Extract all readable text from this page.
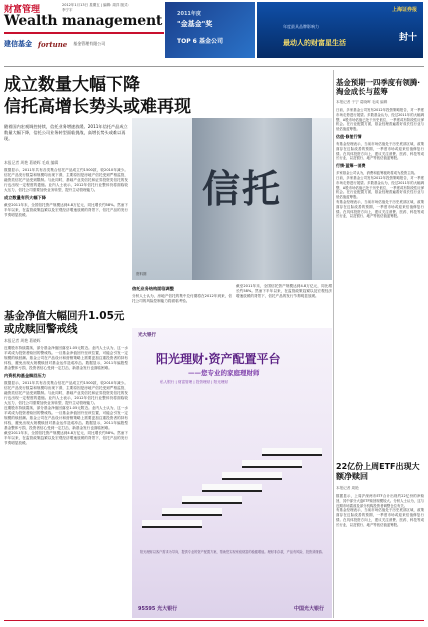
财富管理	2012年1月13日 星期五 | 编辑: 周洋 版式: 李宁宇
Wealth management
建信基金 fortune 基金管理有限公司
2011年度
"金基金"奖
TOP 6 基金公司
上海证券报
年度最具品牌影响力
最动人的财富星生活	封十
成立数量大幅下降
信托高增长势头或难再现
随着国内宏观调控持续，信托业务增速放缓。2011年信托产品成立数量大幅下降，信托公司业务转型面临挑战，高增长势头或难以再现。
本报记者 周艳 葛晓晖 毛咸 编辑
信托
资料图
数据显示，2011年共有各类集合信托产品成立约1500款，较2010年减少。信托产品发行数量和规模均出现下滑，主要原因是房地产信托受到严格监管，融资类信托产品受到限制。与此同时，基础产业类信托和证券投资类信托的发行也出现一定程度的萎缩。业内人士表示，2012年信托行业整体仍将面临较大压力，信托公司需要加快业务转型，提升主动管理能力。
成立数量有所大幅下降
截至2011年末，全国信托资产规模达到4.8万亿元，同比增长约58%。然而下半年以来，在监管政策趋紧以及宏观经济增速放缓的背景下，信托产品的发行节奏明显放缓。
信托业务结构面临调整
分析人士认为，房地产信托的集中兑付期将在2012年到来，信托公司的风险控制能力将面临考验。
截至2011年末，全国信托资产规模达到4.8万亿元，同比增长约58%。然而下半年以来，在监管政策趋紧以及宏观经济增速放缓的背景下，信托产品的发行节奏明显放缓。
基金净值大幅回升1.05元或成赎回警戒线
本报记者 周艳 葛晓晖
近期股市持续震荡，部分基金净值回落至1.05元附近。业内人士认为，这一水平或成为投资者赎回的警戒线。一旦基金净值回升至该位置，可能会引发一定规模的赎回潮。基金公司在产品设计和营销策略上需要更加注重投资者的持有体验，避免出现大规模赎回对基金运作造成冲击。数据显示，2011年偏股型基金整体亏损，投资者信心受到一定打击，新基金发行也面临困难。
内资机构基金赎回压力
数据显示，2011年共有各类集合信托产品成立约1500款，较2010年减少。信托产品发行数量和规模均出现下滑，主要原因是房地产信托受到严格监管，融资类信托产品受到限制。与此同时，基础产业类信托和证券投资类信托的发行也出现一定程度的萎缩。业内人士表示，2012年信托行业整体仍将面临较大压力，信托公司需要加快业务转型，提升主动管理能力。
近期股市持续震荡，部分基金净值回落至1.05元附近。业内人士认为，这一水平或成为投资者赎回的警戒线。一旦基金净值回升至该位置，可能会引发一定规模的赎回潮。基金公司在产品设计和营销策略上需要更加注重投资者的持有体验，避免出现大规模赎回对基金运作造成冲击。数据显示，2011年偏股型基金整体亏损，投资者信心受到一定打击，新基金发行也面临困难。
截至2011年末，全国信托资产规模达到4.8万亿元，同比增长约58%。然而下半年以来，在监管政策趋紧以及宏观经济增速放缓的背景下，信托产品的发行节奏明显放缓。
光大银行
阳光理财·资产配置平台
——您专业的家庭理财师
私人银行 | 财富管理 | 投资理财 | 阳光理财
阳光理财以客户需求为导向，提供专业的资产配置方案，帮助您实现家庭财富的稳健增值。理财非存款，产品有风险，投资须谨慎。
95595 光大银行	中国光大银行
基金预期一四季度有领腾·淘金成长与蓝筹
本报记者 于宁 葛晓晖 毛咸 编辑
日前，多家基金公司发布2012年投资策略报告，对一季度市场走势进行展望。多数基金认为，经过2011年的大幅调整，A股市场估值已处于历史低位，一季度或有阶段性反弹机会。在行业配置方面，基金经理普遍看好成长性行业与低估值蓝筹股。
估值·修复行情
有基金经理表示，当前市场估值处于历史底部区域，政策面存在边际改善的预期，一季度市场或迎来估值修复行情。在具体投资方向上，建议关注消费、医药、科技等成长行业，以及银行、地产等低估值蓝筹股。
行情·蓝筹一消费
多家基金公司认为，消费和蓝筹板块将成为投资主线。
日前，多家基金公司发布2012年投资策略报告，对一季度市场走势进行展望。多数基金认为，经过2011年的大幅调整，A股市场估值已处于历史低位，一季度或有阶段性反弹机会。在行业配置方面，基金经理普遍看好成长性行业与低估值蓝筹股。
有基金经理表示，当前市场估值处于历史底部区域，政策面存在边际改善的预期，一季度市场或迎来估值修复行情。在具体投资方向上，建议关注消费、医药、科技等成长行业，以及银行、地产等低估值蓝筹股。
22亿份上周ETF出现大额净赎回
本报记者 周艳
数据显示，上周沪深两市ETF合计出现约22亿份的净赎回，其中部分大盘ETF赎回规模较大。分析人士认为，这与近期市场震荡及部分机构投资者调整仓位有关。
有基金经理表示，当前市场估值处于历史底部区域，政策面存在边际改善的预期，一季度市场或迎来估值修复行情。在具体投资方向上，建议关注消费、医药、科技等成长行业，以及银行、地产等低估值蓝筹股。
